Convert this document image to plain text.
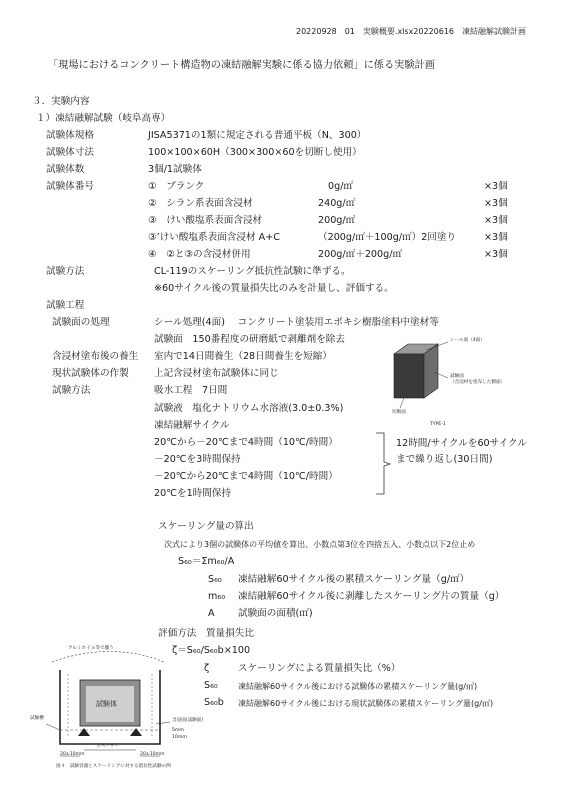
20220928　01　実験概要.xlsx20220616　凍結融解試験計画
「現場におけるコンクリート構造物の凍結融解実験に係る協力依頼」に係る実験計画
３．実験内容
１）凍結融解試験（岐阜高専）
試験体規格	JISA5371の1類に規定される普通平板（N、300）
試験体寸法	100×100×60H（300×300×60を切断し使用）
試験体数	3個/1試験体
試験体番号	①　ブランク	0g/㎡	×3個
②　シラン系表面含浸材	240g/㎡	×3個
③　けい酸塩系表面含浸材	200g/㎡	×3個
③’けい酸塩系表面含浸材 A+C	（200g/㎡＋100g/㎡）2回塗り	×3個
④　②と③の含浸材併用	200g/㎡＋200g/㎡	×3個
試験方法	CL-119のスケーリング抵抗性試験に準ずる。
※60サイクル後の質量損失比のみを計量し、評価する。
試験工程
試験面の処理	シール処理(4面)　 コンクリート塗装用エポキシ樹脂塗料中塗材等
試験面　150番程度の研磨紙で剥離剤を除去
含浸材塗布後の養生 室内で14日間養生（28日間養生を短縮）
現状試験体の作製	上記含浸材塗布試験体に同じ
試験方法	吸水工程　7日間
試験液　塩化ナトリウム水溶液(3.0±0.3%)
凍結融解サイクル
20℃から－20℃まで4時間（10℃/時間）
－20℃を3時間保持
－20℃から20℃まで4時間（10℃/時間）
20℃を1時間保持
12時間/サイクルを60サイクルまで繰り返し(30日間)
シール面（4面）
試験面
（含浸材を塗布した側面）
切断面
TYPE-1
スケーリング量の算出
次式により3個の試験体の平均値を算出、小数点第3位を四捨五入、小数点以下2位止め
S₆₀＝Σm₆₀/A
S₆₀ 凍結融解60サイクル後の累積スケーリング量（g/㎡）
m₆₀ 凍結融解60サイクル後に剥離したスケーリング片の質量（g）
A 試験面の面積(㎡)
評価方法　質量損失比
ζ＝S₆₀/S₆₀b×100
ζ	スケーリングによる質量損失比（%）
S₆₀	凍結融解60サイクル後における試験体の累積スケーリング量(g/㎡)
S₆₀b 凍結融解60サイクル後における現状試験体の累積スケーリング量(g/㎡)
アルミホイル等で覆う
試験体
試験槽	含浸面(試験面)
5mm
10mm
スペーサー
20±10mm	20±10mm
図４　試験容器とスケーリングに対する抵抗性試験の例
